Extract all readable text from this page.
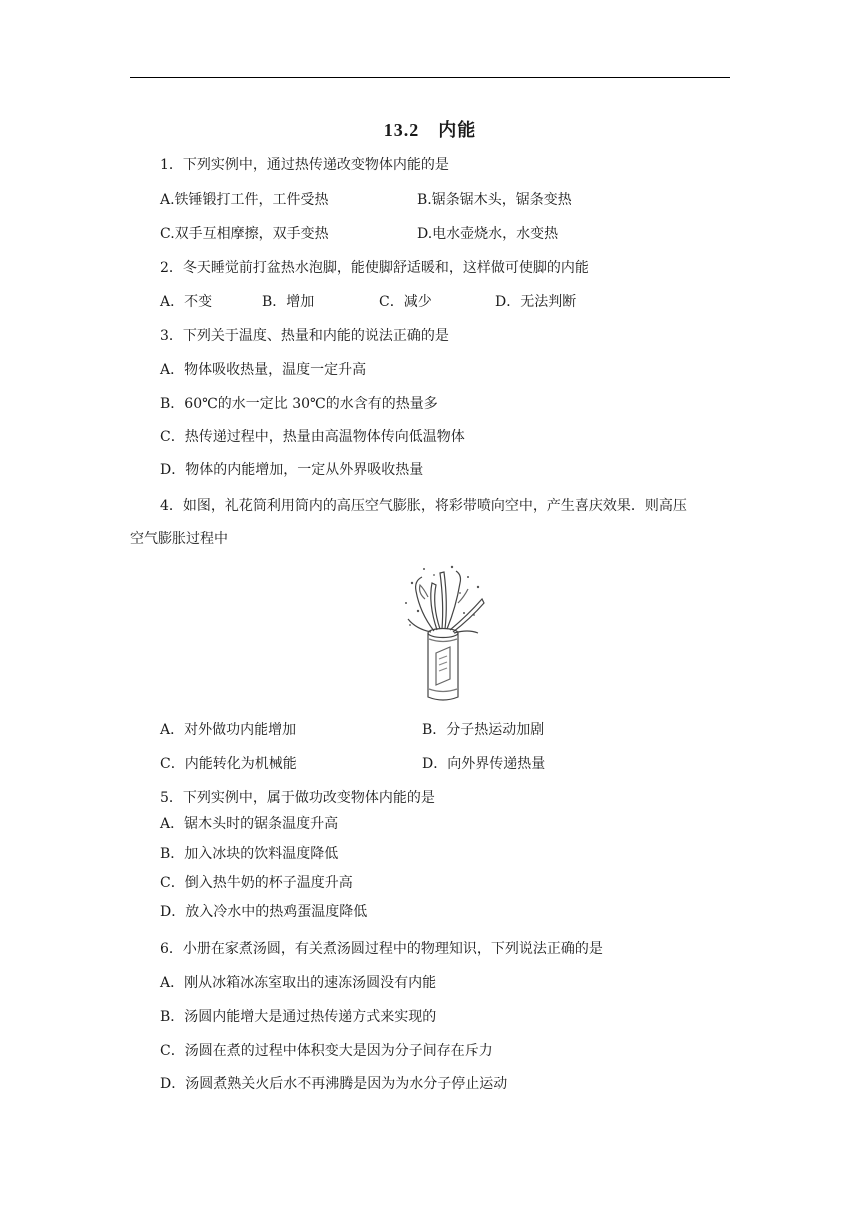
13.2　内能
1．下列实例中，通过热传递改变物体内能的是
A.铁锤锻打工件，工件受热	B.锯条锯木头，锯条变热
C.双手互相摩擦，双手变热	D.电水壶烧水，水变热
2．冬天睡觉前打盆热水泡脚，能使脚舒适暖和，这样做可使脚的内能
A．不变	B．增加	C．减少	D．无法判断
3．下列关于温度、热量和内能的说法正确的是
A．物体吸收热量，温度一定升高
B．60℃的水一定比 30℃的水含有的热量多
C．热传递过程中，热量由高温物体传向低温物体
D．物体的内能增加，一定从外界吸收热量
4．如图，礼花筒利用筒内的高压空气膨胀，将彩带喷向空中，产生喜庆效果．则高压
空气膨胀过程中
A．对外做功内能增加	B．分子热运动加剧
C．内能转化为机械能	D．向外界传递热量
5．下列实例中，属于做功改变物体内能的是
A．锯木头时的锯条温度升高
B．加入冰块的饮料温度降低
C．倒入热牛奶的杯子温度升高
D．放入冷水中的热鸡蛋温度降低
6．小册在家煮汤圆，有关煮汤圆过程中的物理知识，下列说法正确的是
A．刚从冰箱冰冻室取出的速冻汤圆没有内能
B．汤圆内能增大是通过热传递方式来实现的
C．汤圆在煮的过程中体积变大是因为分子间存在斥力
D．汤圆煮熟关火后水不再沸腾是因为为水分子停止运动
